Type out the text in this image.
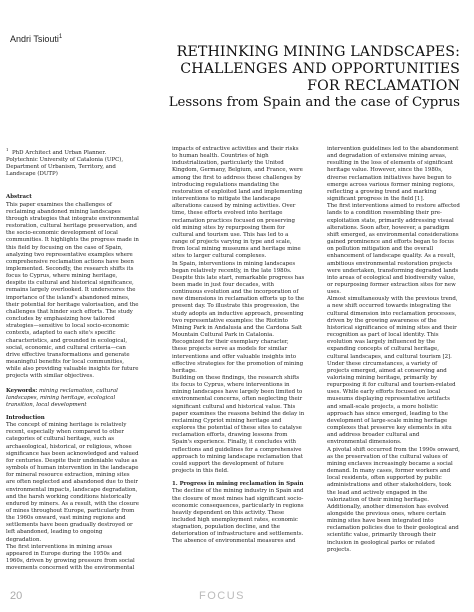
Andri Tsiouti$^1$
RETHINKING MINING LANDSCAPES:
CHALLENGES AND OPPORTUNITIES
FOR RECLAMATION
Lessons from Spain and the case of Cyprus

$^1$  PhD Architect and Urban Planner. Polytechnic University of Catalonia (UPC), Department of Urbanism, Territory, and Landscape (DUTP)

Abstract

This paper examines the challenges of reclaiming abandoned mining landscapes through strategies that integrate environmental restoration, cultural heritage preservation, and the socio-economic development of local communities. It highlights the progress made in this field by focusing on the case of Spain, analyzing two representative examples where comprehensive reclamation actions have been implemented. Secondly, the research shifts its focus to Cyprus, where mining heritage, despite its cultural and historical significance, remains largely overlooked. It underscores the importance of the island's abandoned mines, their potential for heritage valorisation, and the challenges that hinder such efforts. The study concludes by emphasizing how tailored strategies—sensitive to local socio-economic contexts, adapted to each site's specific characteristics, and grounded in ecological, social, economic, and cultural criteria—can drive effective transformations and generate meaningful benefits for local communities, while also providing valuable insights for future projects with similar objectives.

Keywords: mining reclamation, cultural landscapes, mining heritage, ecological transition, local development

Introduction

The concept of mining heritage is relatively recent, especially when compared to other categories of cultural heritage, such as archaeological, historical, or religious, whose significance has been acknowledged and valued for centuries. Despite their undeniable value as symbols of human intervention in the landscape for mineral resource extraction, mining sites are often neglected and abandoned due to their environmental impacts, landscape degradation, and the harsh working conditions historically endured by miners. As a result, with the closure of mines throughout Europe, particularly from the 1960s onward, vast mining regions and settlements have been gradually destroyed or left abandoned, leading to ongoing degradation.

The first interventions in mining areas appeared in Europe during the 1950s and 1960s, driven by growing pressure from social movements concerned with the environmental

impacts of extractive activities and their risks to human health. Countries of high industrialization, particularly the United Kingdom, Germany, Belgium, and France, were among the first to address these challenges by introducing regulations mandating the restoration of exploited land and implementing interventions to mitigate the landscape alterations caused by mining activities. Over time, these efforts evolved into heritage reclamation practices focused on preserving old mining sites by repurposing them for cultural and tourism use. This has led to a range of projects varying in type and scale, from local mining museums and heritage mine sites to larger cultural complexes.

In Spain, interventions in mining landscapes began relatively recently, in the late 1980s. Despite this late start, remarkable progress has been made in just four decades, with continuous evolution and the incorporation of new dimensions in reclamation efforts up to the present day. To illustrate this progression, the study adopts an inductive approach, presenting two representative examples: the Riotinto Mining Park in Andalusia and the Cardona Salt Mountain Cultural Park in Catalonia.

Recognized for their exemplary character, these projects serve as models for similar interventions and offer valuable insights into effective strategies for the promotion of mining heritage.

Building on these findings, the research shifts its focus to Cyprus, where interventions in mining landscapes have largely been limited to environmental concerns, often neglecting their significant cultural and historical value. This paper examines the reasons behind the delay in reclaiming Cypriot mining heritage and explores the potential of these sites to catalyse reclamation efforts, drawing lessons from Spain's experience. Finally, it concludes with reflections and guidelines for a comprehensive approach to mining landscape reclamation that could support the development of future projects in this field.

1. Progress in mining reclamation in Spain

The decline of the mining industry in Spain and the closure of most mines had significant socio-economic consequences, particularly in regions heavily dependent on this activity. These included high unemployment rates, economic stagnation, population decline, and the deterioration of infrastructure and settlements. The absence of environmental measures and

intervention guidelines led to the abandonment and degradation of extensive mining areas, resulting in the loss of elements of significant heritage value. However, since the 1980s, diverse reclamation initiatives have begun to emerge across various former mining regions, reflecting a growing trend and marking significant progress in the field [1].

The first interventions aimed to restore affected lands to a condition resembling their pre-exploitation state, primarily addressing visual alterations. Soon after, however, a paradigm shift emerged, as environmental considerations gained prominence and efforts began to focus on pollution mitigation and the overall enhancement of landscape quality. As a result, ambitious environmental restoration projects were undertaken, transforming degraded lands into areas of ecological and biodiversity value, or repurposing former extraction sites for new uses.

Almost simultaneously with the previous trend, a new shift occurred towards integrating the cultural dimension into reclamation processes, driven by the growing awareness of the historical significance of mining sites and their recognition as part of local identity. This evolution was largely influenced by the expanding concepts of cultural heritage, cultural landscapes, and cultural tourism [2].

Under these circumstances, a variety of projects emerged, aimed at conserving and valorising mining heritage, primarily by repurposing it for cultural and tourism-related uses. While early efforts focused on local museums displaying representative artifacts and small-scale projects, a more holistic approach has since emerged, leading to the development of large-scale mining heritage complexes that preserve key elements in situ and address broader cultural and environmental dimensions.

A pivotal shift occurred from the 1990s onward, as the preservation of the cultural values of mining enclaves increasingly became a social demand. In many cases, former workers and local residents, often supported by public administrations and other stakeholders, took the lead and actively engaged in the valorization of their mining heritage.

Additionally, another dimension has evolved alongside the previous ones, where certain mining sites have been integrated into reclamation policies due to their geological and scientific value, primarily through their inclusion in geological parks or related projects.

20	FOCUS
